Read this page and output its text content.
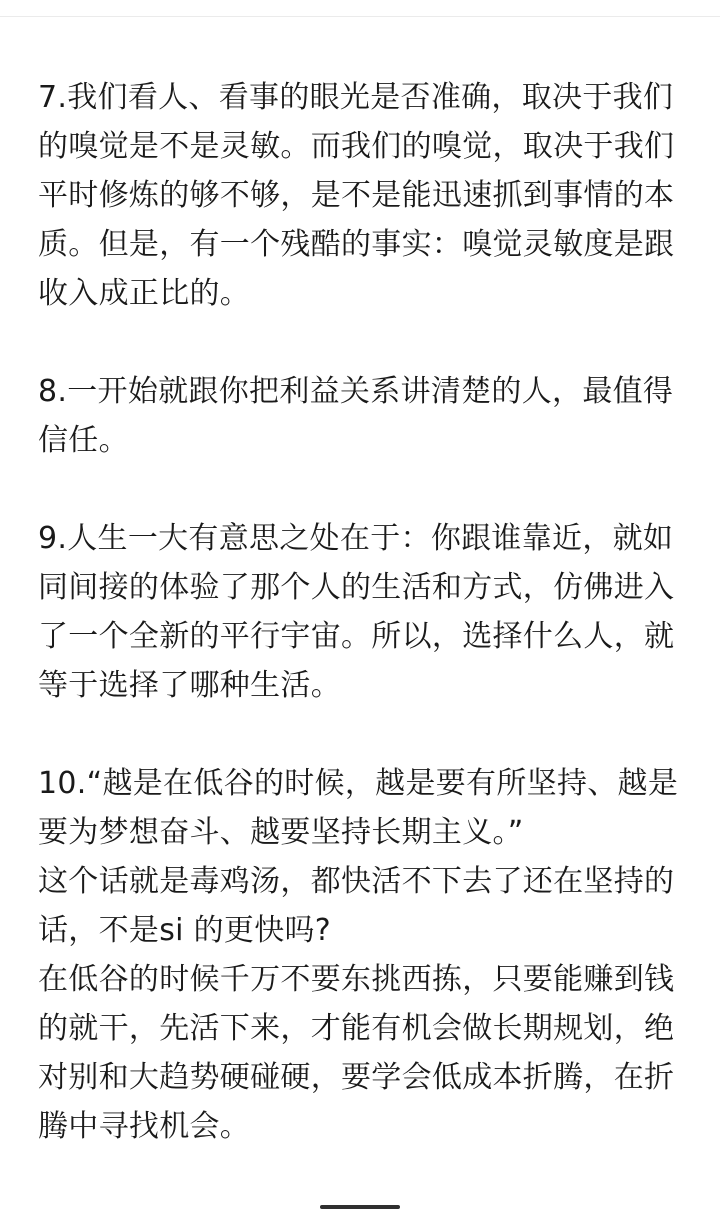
7.我们看人、看事的眼光是否准确，取决于我们的嗅觉是不是灵敏。而我们的嗅觉，取决于我们平时修炼的够不够，是不是能迅速抓到事情的本质。但是，有一个残酷的事实：嗅觉灵敏度是跟收入成正比的。

8.一开始就跟你把利益关系讲清楚的人，最值得信任。

9.人生一大有意思之处在于：你跟谁靠近，就如同间接的体验了那个人的生活和方式，仿佛进入了一个全新的平行宇宙。所以，选择什么人，就等于选择了哪种生活。

10.“越是在低谷的时候，越是要有所坚持、越是要为梦想奋斗、越要坚持长期主义。”

这个话就是毒鸡汤，都快活不下去了还在坚持的话，不是si 的更快吗?

在低谷的时候千万不要东挑西拣，只要能赚到钱的就干，先活下来，才能有机会做长期规划，绝对别和大趋势硬碰硬，要学会低成本折腾，在折腾中寻找机会。
